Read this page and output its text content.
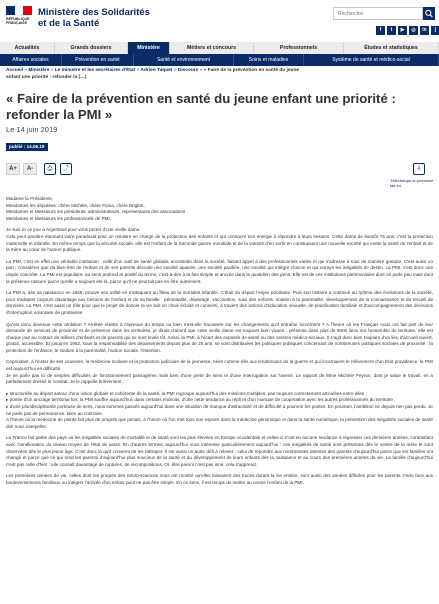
RÉPUBLIQUE
FRANÇAISE
Ministère des Solidarités
et de la Santé
Rechercher
f	t	▶	◎	in	)
Actualités	Grands dossiers	Ministère	Métiers et concours	Professionnels	Études et statistiques
Affaires sociales	Prévention en santé	Santé et environnement	Soins et maladies	Système de santé et médico-social
Accueil » Ministère » Le ministre et les secrétaires d'État » Adrien Taquet » Discours » « Faire de la prévention en santé du jeune enfant une priorité : refonder la (…)
« Faire de la prévention en santé du jeune enfant une priorité : refonder la PMI »
Le 14 juin 2019
publié : 14.06.19
A+	A-	⎙	⤴	⇩
Télécharger le prononcé fait foi

Madame la Présidente,

Mesdames les députées: chère Michèle, chère Fiona, chère Brigitte,

Mesdames et Messieurs les présidents, administrateurs, représentants des associations

Mesdames et Messieurs les professionnels de PMI,

Je suis ici ce jour à Argenteuil pour vous porter d'une vieille dame.

Cela peut paraître étonnant voire paradoxal pour un ministre en charge de la protection des enfants et qui consacre son énergie à répondre à leurs besoins. Cette dame de bientôt 75 ans, c'est la protection maternelle et infantile. En même temps que la sécurité sociale, elle est l'enfant de la Seconde guerre mondiale et de la volonté d'en sortir en construisant une nouvelle société qui mette la santé de l'enfant et de la mère au cœur de l'action publique.

La PMI, c'est en effet une véritable institution : celle d'un outil de santé globale, ancestrale dans la société, faisant appel à des professionnels variés et qui s'adresse à tous de manière gratuite. C'est aussi un pari : considérer que du bien-être de l'enfant et de ses parents découle une société apaisée, une société pacifiée, une société qui intègre chacun et qui enraye les inégalités de destin. La PMI, c'est donc une utopie concrète. La PMI est populaire, au sens profond et positif du terme, c'est-à-dire à la fois simple et ancrée dans le quotidien des gens. Elle est de ces institutions patrimoniales dont on parle peu mais dont la présence rassure parce qu'elle a toujours été là, parce qu'il ne pourrait pas en être autrement.

La PMI a, dès sa naissance en 1945, prouvé son utilité en s'attaquant au fléau de la mortalité infantile. C'était du départ l'enjeu prioritaire. Puis son histoire a continué au rythme des évolutions de la société, pour s'adapter toujours davantage aux besoins de l'enfant et de sa famille : périnatalité, dépistage, vaccination, suivi des enfants, soutien à la parentalité, développement de la connaissance et du recueil de données. La PMI, c'est aussi un rôle pour que le projet de donner la vie soit un choix éclairé et consenti, à travers des actions d'éducation sexuelle, de planification familiale et d'accompagnement des décisions d'interruption volontaire de grossesse.

Qu'est donc devenue cette ambition ? Arrêtée résiste à l'épreuve du temps ou bien s'est-elle fracassée sur les changements qu'il entraîne forcément ? A l'heure où les Français nous ont fait part de leur demande de services de proximité et de présence dans les territoires, je dirais d'abord que cette vieille dame est toujours bien vivace : présente dans plus de 5000 lieux sur l'ensemble du territoire, elle est chaque jour au contact de milliers d'enfants et de parents qui se sont levés tôt. Aussi, la PMI, à l'écart des exposés de santé ou des centres médico-sociaux. Il s'agit donc bien toujours d'un lieu d'accueil ouvert, gratuit, accessible. Et jusqu'en 1982, sous la responsabilité des départements depuis plus de 25 ans, se sont distribuées les politiques publiques concernant de nombreuses politiques sociales de proximité : la protection de l'enfance, le soutien à la parentalité, l'action sociale, l'insertion.

Cependant, à l'instar de ses cousines, la médecine scolaire et la protection judiciaire de la jeunesse, nées comme elle aux lendemains de la guerre et qui incarnaient le relèvement d'un État providence, la PMI est aujourd'hui en difficulté.

Je ne parle pas ici de simples difficultés de fonctionnement passagères mais bien d'une perte de sens et d'une interrogation sur l'avenir. Le rapport de Mme Michèle Peyron, dont je salue le travail, en a parfaitement dressé le constat. Je le rappelle brièvement :

▸ structurelle au départ autour d'une vision globale et cohérente de la santé, la PMI regroupe aujourd'hui des missions multiples, pas toujours correctement articulées entre elles ;

▸ portée d'un ancrage territorial fort, la PMI souffre aujourd'hui, dans certains endroits, d'une nette tendance au repli et d'un manque de coopération avec les autres professionnels du territoire ;

▸ d'une pluridisciplinarité porteuse de sens, nous sommes passés aujourd'hui dans une situation de manque d'attractivité et de difficulté à pourvoir les postes. En pourtant, l'ambition ne depuis rien pas perdu. Je ne parle pas de permanence. Bien au contraire.

A l'heure où la médecine de pointe fait plus de progrès que jamais, à l'heure où l'on met tous nos espoirs dans la médecine génomique et dans la santé numérique, la prévention des inégalités sociales de santé doit nous interpeller.

La France fait partie des pays où les inégalités sociales de mortalité et de santé sont les plus élevées en Europe occidentale et celles-ci n'ont eu aucune tendance à régresser ces dernières années, contrastant avec l'amélioration du niveau moyen de l'état de santé. En d'autres termes, aujourd'hui nous intéresse particulièrement aujourd'hui : ces inégalités de santé sont présentes dès le ventre de la mère et sont observées dès le plus jeune âge. C'est donc là qu'il convient de les rattraper. Il est aussi un autre défi à relever : celui de répondre aux nombreuses attentes des parents d'aujourd'hui parce que les familles ont changé et parce que ce qui rend les parents d'aujourd'hui plus soucieux de la santé et du développement de leurs enfants dès la naissance et au cours des premières années de vie. La famille d'aujourd'hui n'est pas celle d'hier : elle connaît davantage de ruptures, de recompositions. Or, être parent n'est pas inné, cela s'apprend.

Les premières années de vie, celles dont les progrès des neuro-sciences nous ont montré qu'elles laissaient des traces durant la vie entière, sont aussi des années difficiles pour les parents. Faire face aux bouleversements familiaux ou intégrer l'arrivée d'un enfant peut ne pas être simple. En ce sens, il est temps de mettre au centre l'enfant de la PMI.
